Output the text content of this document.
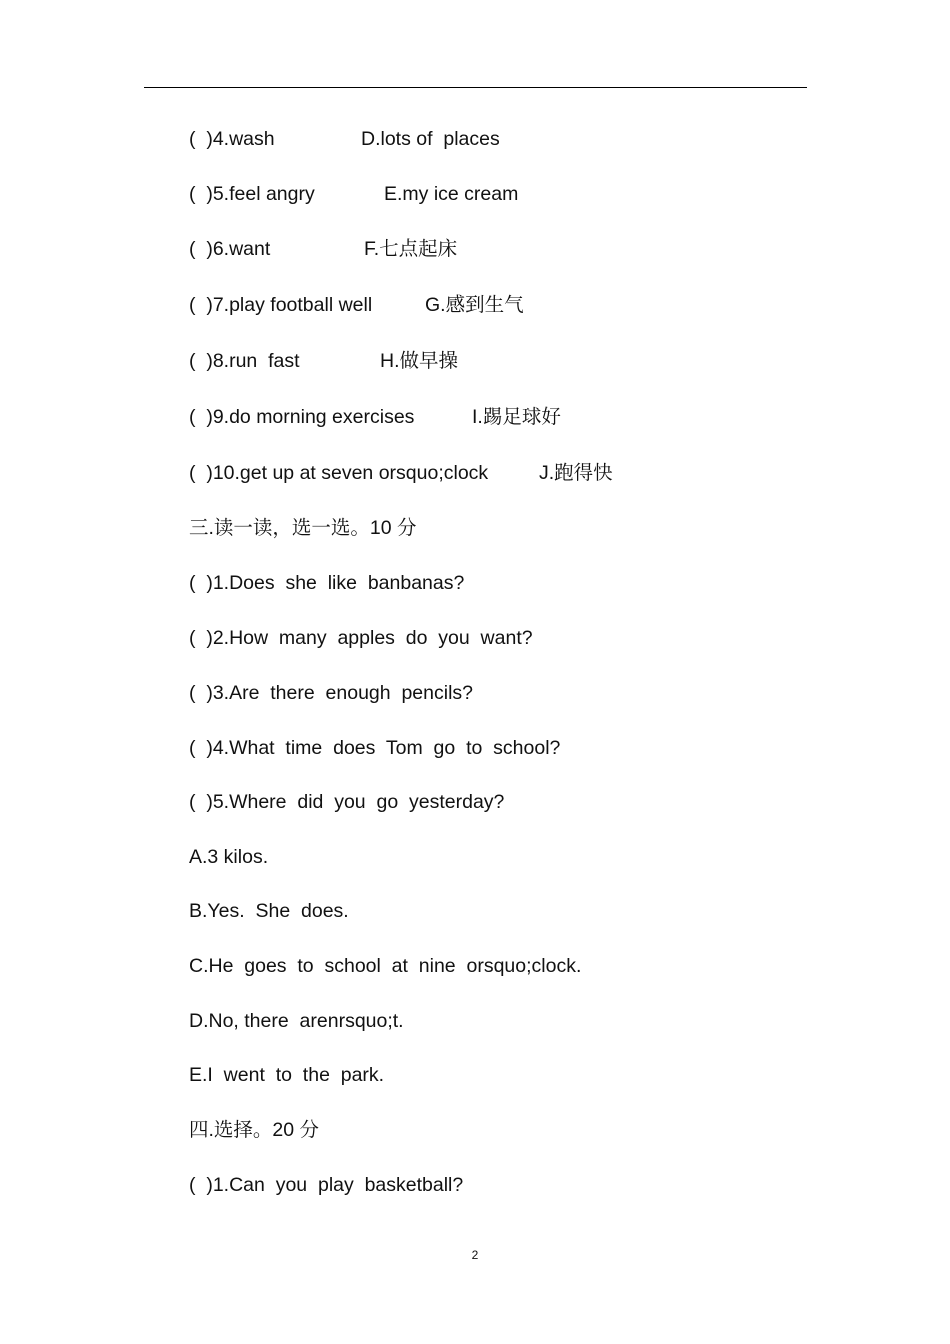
(  )4.wash	D.lots of  places
(  )5.feel angry	E.my ice cream
(  )6.want	F.七点起床
(  )7.play football well	G.感到生气
(  )8.run  fast	H.做早操
(  )9.do morning exercises	I.踢足球好
(  )10.get up at seven orsquo;clock	J.跑得快
三.读一读，选一选。10 分
(  )1.Does  she  like  banbanas?
(  )2.How  many  apples  do  you  want?
(  )3.Are  there  enough  pencils?
(  )4.What  time  does  Tom  go  to  school?
(  )5.Where  did  you  go  yesterday?
A.3 kilos.
B.Yes.  She  does.
C.He  goes  to  school  at  nine  orsquo;clock.
D.No, there  arenrsquo;t.
E.I  went  to  the  park.
四.选择。20 分
(  )1.Can  you  play  basketball?
2
